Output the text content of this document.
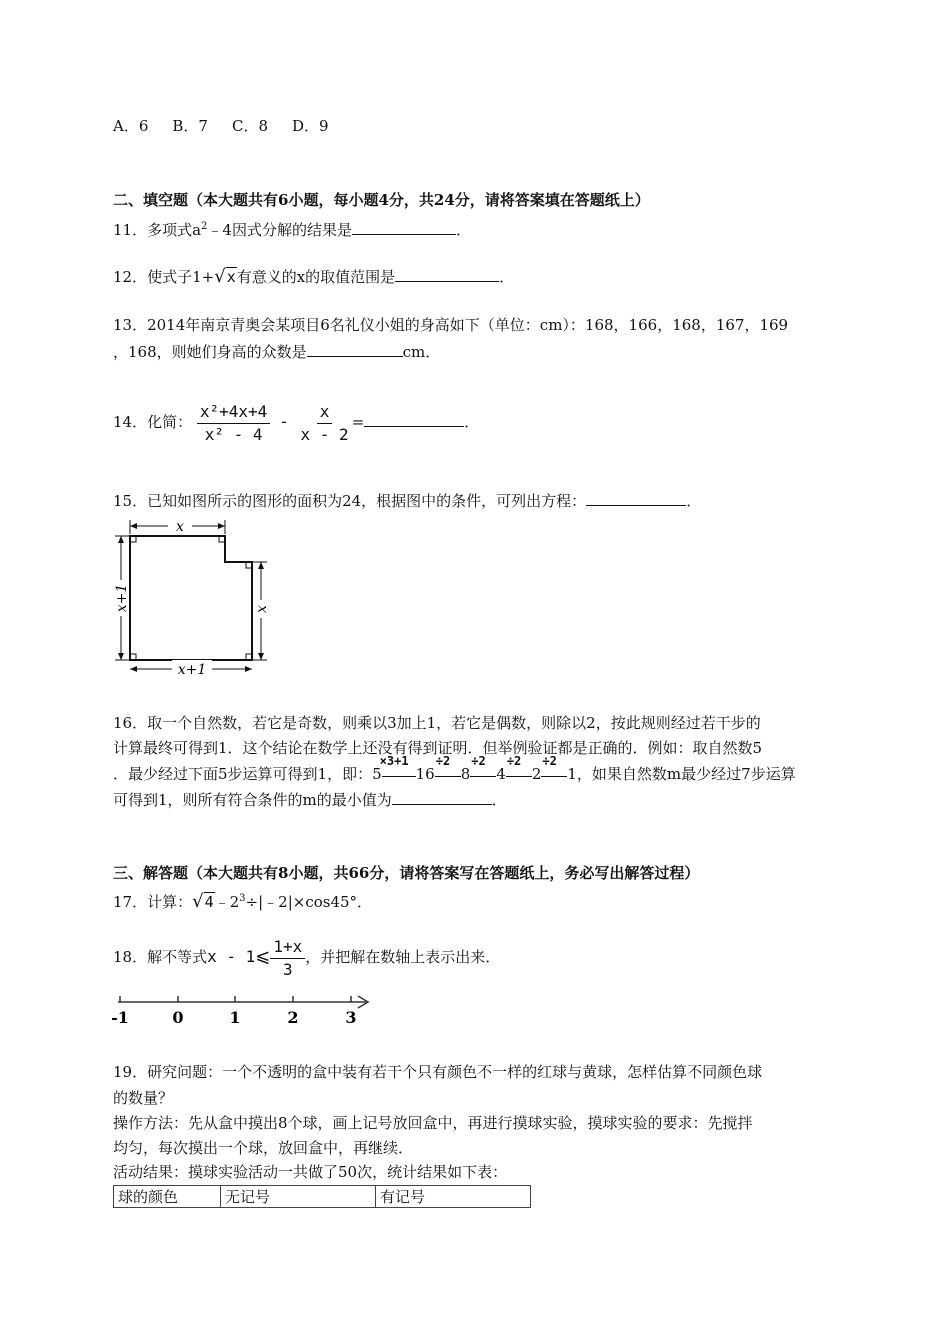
A．6 B．7 C．8 D．9
二、填空题（本大题共有6小题，每小题4分，共24分，请将答案填在答题纸上）
11．多项式$a^2﹣4$因式分解的结果是	．
12．使式子1+√x有意义的x的取值范围是	．
13．2014年南京青奥会某项目6名礼仪小姐的身高如下（单位：cm）：168，166，168，167，169
，168，则她们身高的众数是	cm．
14．化简： $\frac{\text{x²+4x+4}}{\text{x² - 4}} - \frac{x}{x - 2}$ =	．
15．已知如图所示的图形的面积为24，根据图中的条件，可列出方程：	．
x
x+1	x
x+1
16．取一个自然数，若它是奇数，则乘以3加上1，若它是偶数，则除以2，按此规则经过若干步的
计算最终可得到1．这个结论在数学上还没有得到证明．但举例验证都是正确的．例如：取自然数5
．最少经过下面5步运算可得到1，即：5
×3+1
16
÷2
8
÷2
4
÷2
2
÷2
1，如果自然数m最少经过7步运算
可得到1，则所有符合条件的m的最小值为	．
三、解答题（本大题共有8小题，共66分，请将答案写在答题纸上，务必写出解答过程）
17．计算：$√4﹣2^3\div|﹣2|\times\cos 45^\circ$．
18．解不等式x - 1⩽ $\frac{1+x}{3}$ ，并把解在数轴上表示出来．
-1	0	1	2	3
19．研究问题：一个不透明的盒中装有若干个只有颜色不一样的红球与黄球，怎样估算不同颜色球
的数量？
操作方法：先从盒中摸出8个球，画上记号放回盒中，再进行摸球实验，摸球实验的要求：先搅拌
均匀，每次摸出一个球，放回盒中，再继续．
活动结果：摸球实验活动一共做了50次，统计结果如下表：
球的颜色	无记号	有记号
